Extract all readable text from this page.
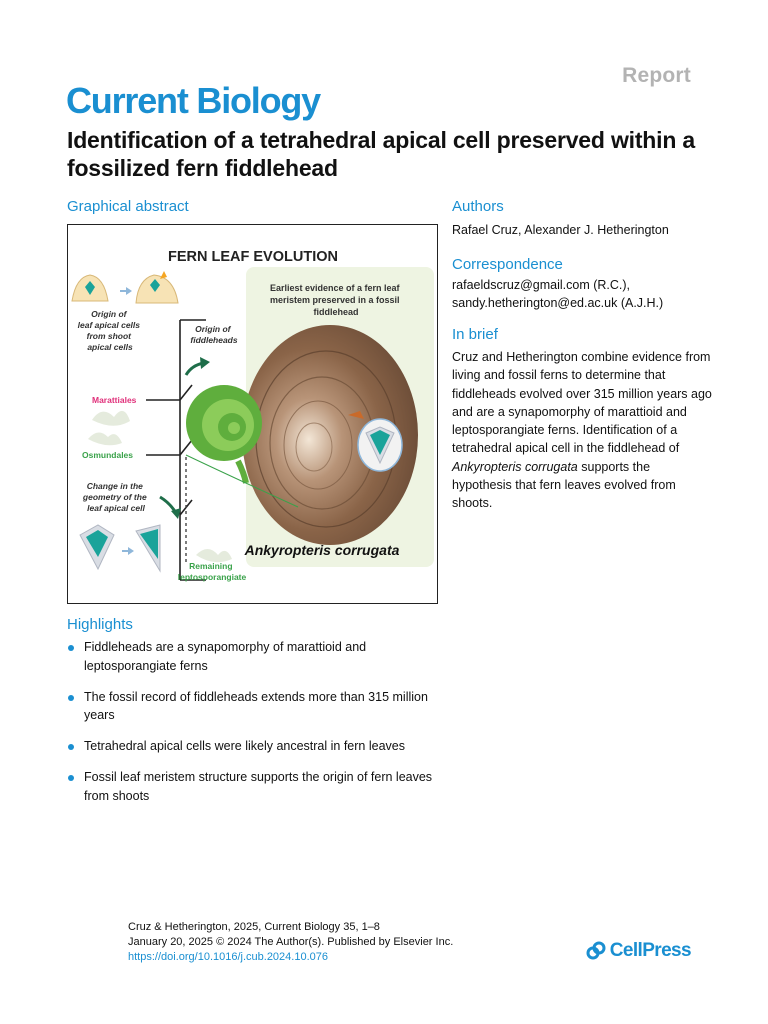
Report
Current Biology
Identification of a tetrahedral apical cell preserved within a fossilized fern fiddlehead
Graphical abstract
FERN LEAF EVOLUTION
Origin of leaf apical cells from shoot apical cells
Origin of fiddleheads
Marattiales
Osmundales
Change in the geometry of the leaf apical cell
Remaining leptosporangiate
Earliest evidence of a fern leaf meristem preserved in a fossil fiddlehead
Ankyropteris corrugata
Authors
Rafael Cruz, Alexander J. Hetherington
Correspondence
rafaeldscruz@gmail.com (R.C.),
sandy.hetherington@ed.ac.uk (A.J.H.)
In brief

Cruz and Hetherington combine evidence from living and fossil ferns to determine that fiddleheads evolved over 315 million years ago and are a synapomorphy of marattioid and leptosporangiate ferns. Identification of a tetrahedral apical cell in the fiddlehead of Ankyropteris corrugata supports the hypothesis that fern leaves evolved from shoots.

Highlights
Fiddleheads are a synapomorphy of marattioid and leptosporangiate ferns
The fossil record of fiddleheads extends more than 315 million years
Tetrahedral apical cells were likely ancestral in fern leaves
Fossil leaf meristem structure supports the origin of fern leaves from shoots
Cruz & Hetherington, 2025, Current Biology 35, 1–8
January 20, 2025 © 2024 The Author(s). Published by Elsevier Inc.
https://doi.org/10.1016/j.cub.2024.10.076	CellPress
